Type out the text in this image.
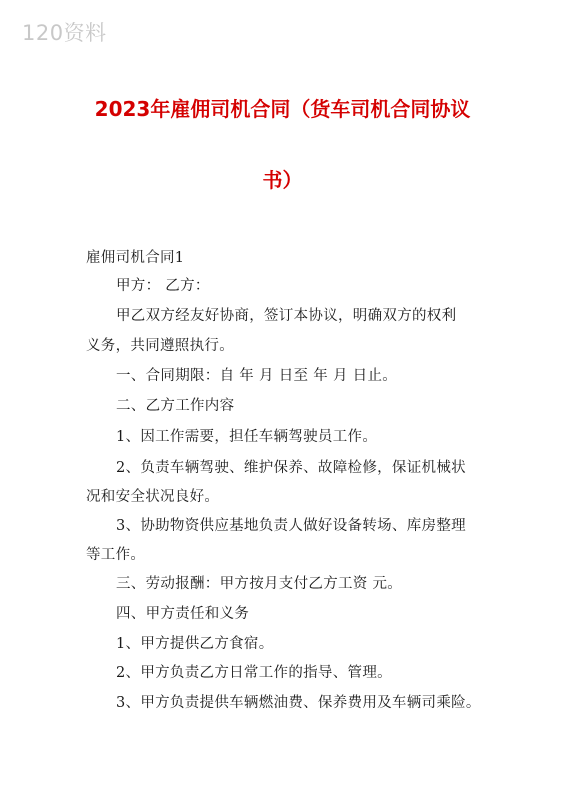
120资料
2023年雇佣司机合同（货车司机合同协议
书）
雇佣司机合同1
甲方： 乙方：
甲乙双方经友好协商，签订本协议，明确双方的权利
义务，共同遵照执行。
一、合同期限：自 年 月 日至 年 月 日止。
二、乙方工作内容
1、因工作需要，担任车辆驾驶员工作。
2、负责车辆驾驶、维护保养、故障检修，保证机械状
况和安全状况良好。
3、协助物资供应基地负责人做好设备转场、库房整理
等工作。
三、劳动报酬：甲方按月支付乙方工资 元。
四、甲方责任和义务
1、甲方提供乙方食宿。
2、甲方负责乙方日常工作的指导、管理。
3、甲方负责提供车辆燃油费、保养费用及车辆司乘险。
